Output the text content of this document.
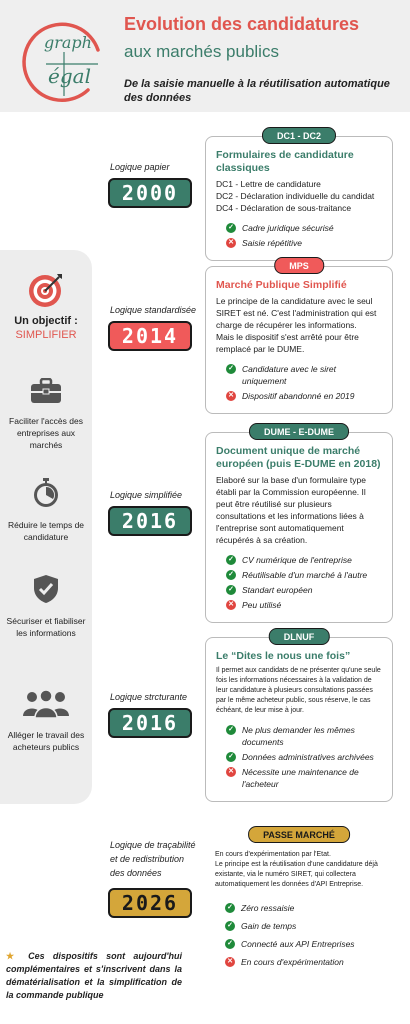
graph
égal
Evolution des candidatures
aux marchés publics
De la saisie manuelle à la réutilisation automatique des données
Un objectif :
SIMPLIFIER
Faciliter l'accès des entreprises aux marchés
Réduire le temps de candidature
Sécuriser et fiabiliser les informations
Alléger le travail des acheteurs publics
Logique papier
2000
DC1 - DC2
Formulaires de candidature classiques
DC1 - Lettre de candidature
DC2 - Déclaration individuelle du candidat
DC4 - Déclaration de sous-traitance
✓ Cadre juridique sécurisé
✕ Saisie répétitive
Logique standardisée
2014
MPS
Marché Publique Simplifié
Le principe de la candidature avec le seul SIRET est né. C'est l'administration qui est charge de récupérer les informations.
Mais le dispositif s'est arrêté pour être remplacé par le DUME.
✓ Candidature avec le siret uniquement
✕ Dispositif abandonné en 2019
Logique simplifiée
2016
DUME - E-DUME
Document unique de marché européen (puis E-DUME en 2018)
Elaboré sur la base d'un formulaire type établi par la Commission européenne. Il peut être réutilisé sur plusieurs consultations et les informations liées à l'entreprise sont automatiquement récupérés à sa création.
✓ CV numérique de l'entreprise
✓ Réutilisable d'un marché à l'autre
✓ Standart européen
✕ Peu utilisé
Logique strcturante
2016
DLNUF
Le “Dites le nous une fois”
Il permet aux candidats de ne présenter qu'une seule fois les informations nécessaires à la validation de leur candidature à plusieurs consultations passées par le même acheteur public, sous réserve, le cas échéant, de leur mise à jour.
✓ Ne plus demander les mêmes documents
✓ Données administratives archivées
✕ Nécessite une maintenance de l'acheteur
Logique de traçabilité et de redistribution des données
2026
PASSE MARCHÉ
En cours d'expérimentation par l'Etat.
Le principe est la réutilisation d'une candidature déjà existante, via le numéro SIRET, qui collectera automatiquement les données d'API Entreprise.
✓ Zéro ressaisie
✓ Gain de temps
✓ Connecté aux API Entreprises
✕ En cours d'expérimentation
★ Ces dispositifs sont aujourd'hui complémentaires et s'inscrivent dans la dématérialisation et la simplification de la commande publique
